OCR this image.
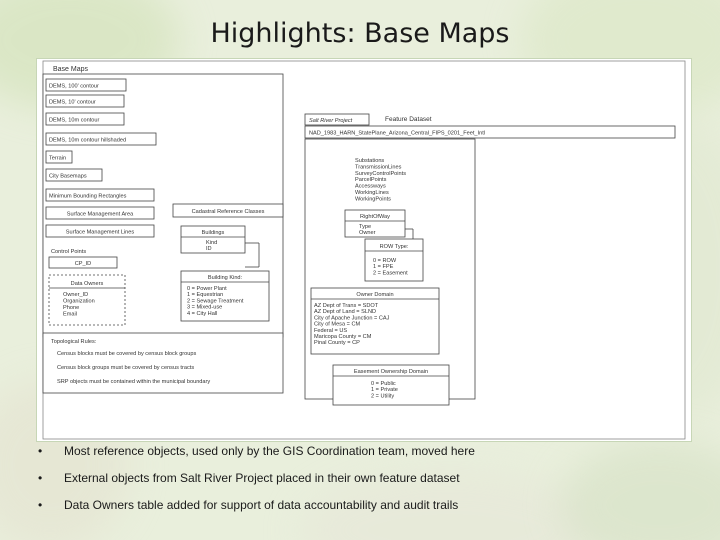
Highlights: Base Maps
Base Maps
DEMS, 100' contour
DEMS, 10' contour
DEMS, 10m contour
DEMS, 10m contour hillshaded
Terrain
City Basemaps
Minimum Bounding Rectangles
Surface Management Area
Surface Management Lines
Control Points
CP_ID
Data Owners
Owner_ID
Organization
Phone
Email
Cadastral Reference Classes
Buildings
Kind
ID
Building Kind:
0 = Power Plant
1 = Equestrian
2 = Sewage Treatment
3 = Mixed-use
4 = City Hall
Topological Rules:
Census blocks must be covered by census block groups
Census block groups must be covered by census tracts
SRP objects must be contained within the municipal boundary
Salt River Project	Feature Dataset
NAD_1983_HARN_StatePlane_Arizona_Central_FIPS_0201_Feet_Intl
Substations
TransmissionLines
SurveyControlPoints
ParcelPoints
Accessways
WorkingLines
WorkingPoints
RightOfWay
Type
Owner
ROW Type:
0 = ROW
1 = FPE
2 = Easement
Owner Domain
AZ Dept of Trans = SDOT
AZ Dept of Land = SLND
City of Apache Junction = CAJ
City of Mesa = CM
Federal = US
Maricopa County = CM
Pinal County = CP
Easement Ownership Domain
0 = Public
1 = Private
2 = Utility
•	Most reference objects, used only by the GIS Coordination team, moved here
•	External objects from Salt River Project placed in their own feature dataset
•	Data Owners table added for support of data accountability and audit trails
